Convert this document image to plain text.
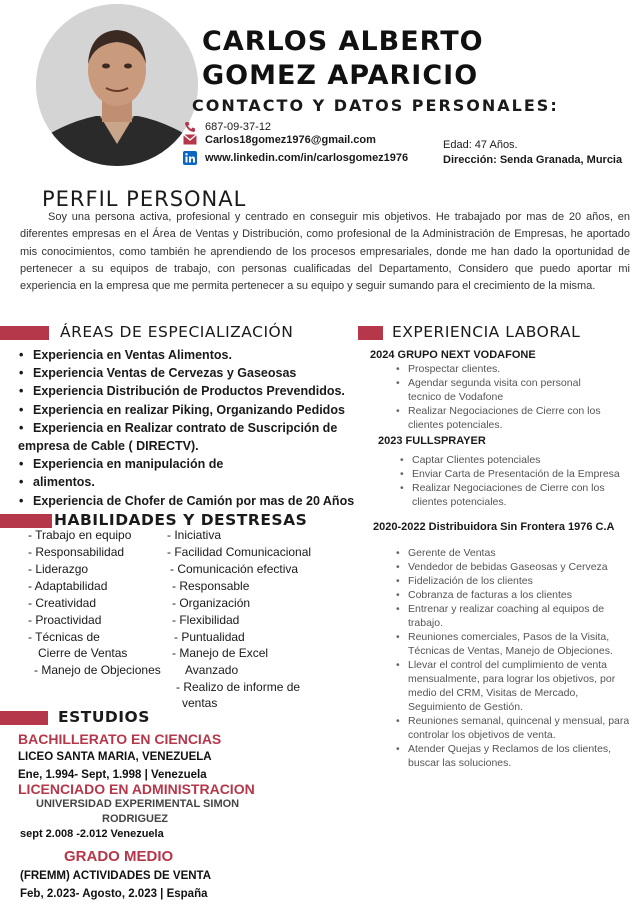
CARLOS ALBERTO
GOMEZ APARICIO
CONTACTO Y DATOS PERSONALES:
687-09-37-12
Carlos18gomez1976@gmail.com
www.linkedin.com/in/carlosgomez1976
Edad: 47 Años.
Dirección: Senda Granada, Murcia
PERFIL PERSONAL
Soy una persona activa, profesional y centrado en conseguir mis objetivos. He trabajado por mas de 20 años, en diferentes empresas en el Área de Ventas y Distribución, como profesional de la Administración de Empresas, he aportado mis conocimientos, como también he aprendiendo de los procesos empresariales, donde me han dado la oportunidad de pertenecer a su equipos de trabajo, con personas cualificadas del Departamento, Considero que puedo aportar mi experiencia en la empresa que me permita pertenecer a su equipo y seguir sumando para el crecimiento de la misma.
ÁREAS DE ESPECIALIZACIÓN
• Experiencia en Ventas Alimentos.
• Experiencia Ventas de Cervezas y Gaseosas
• Experiencia Distribución de Productos Prevendidos.
• Experiencia en realizar Piking, Organizando Pedidos
• Experiencia en Realizar contrato de Suscripción de
empresa de Cable ( DIRECTV).
• Experiencia en manipulación de
• alimentos.
• Experiencia de Chofer de Camión por mas de 20 Años
HABILIDADES Y DESTRESAS
- Trabajo en equipo
- Responsabilidad
- Liderazgo
- Adaptabilidad
- Creatividad
- Proactividad
- Técnicas de
Cierre de Ventas
- Manejo de Objeciones
- Iniciativa
- Facilidad Comunicacional
- Comunicación efectiva
- Responsable
- Organización
- Flexibilidad
- Puntualidad
- Manejo de Excel
Avanzado
- Realizo de informe de
ventas
ESTUDIOS
BACHILLERATO EN CIENCIAS
LICEO SANTA MARIA, VENEZUELA
Ene, 1.994- Sept, 1.998 | Venezuela
LICENCIADO EN ADMINISTRACION
UNIVERSIDAD EXPERIMENTAL SIMON
RODRIGUEZ
sept 2.008 -2.012 Venezuela
GRADO MEDIO
(FREMM) ACTIVIDADES DE VENTA
Feb, 2.023- Agosto, 2.023 | España
EXPERIENCIA LABORAL
2024 GRUPO NEXT VODAFONE
• Prospectar clientes.
• Agendar segunda visita con personal tecnico de Vodafone
• Realizar Negociaciones de Cierre con los clientes potenciales.
2023 FULLSPRAYER
• Captar Clientes potenciales
• Enviar Carta de Presentación de la Empresa
• Realizar Negociaciones de Cierre con los clientes potenciales.
2020-2022 Distribuidora Sin Frontera 1976 C.A
• Gerente de Ventas
• Vendedor de bebidas Gaseosas y Cerveza
• Fidelización de los clientes
• Cobranza de facturas a los clientes
• Entrenar y realizar coaching al equipos de trabajo.
• Reuniones comerciales, Pasos de la Visita, Técnicas de Ventas, Manejo de Objeciones.
• Llevar el control del cumplimiento de venta mensualmente, para lograr los objetivos, por medio del CRM, Visitas de Mercado, Seguimiento de Gestión.
• Reuniones semanal, quincenal y mensual, para controlar los objetivos de venta.
• Atender Quejas y Reclamos de los clientes, buscar las soluciones.
